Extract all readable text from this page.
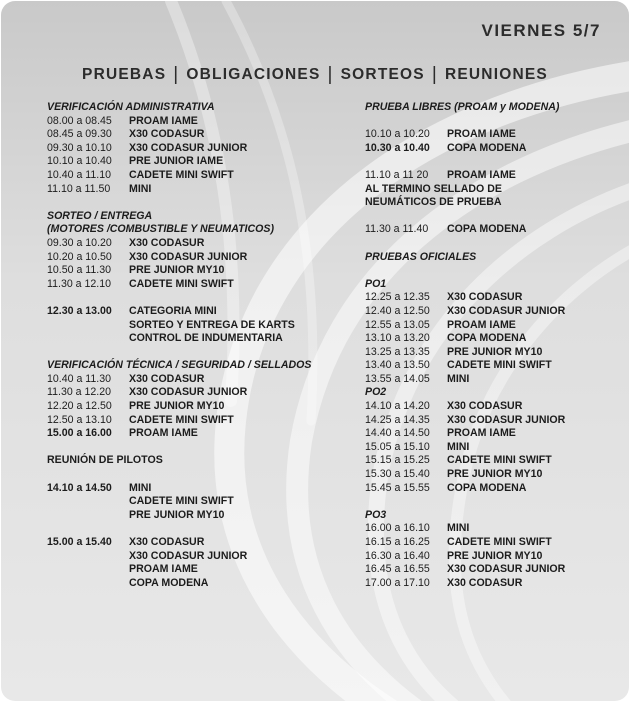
VIERNES 5/7
PRUEBAS | OBLIGACIONES | SORTEOS | REUNIONES
VERIFICACIÓN ADMINISTRATIVA
08.00 a 08.45 PROAM IAME
08.45 a 09.30 X30 CODASUR
09.30 a 10.10 X30 CODASUR JUNIOR
10.10 a 10.40 PRE JUNIOR IAME
10.40 a 11.10 CADETE MINI SWIFT
11.10 a 11.50 MINI
SORTEO / ENTREGA
(MOTORES /COMBUSTIBLE Y NEUMATICOS)
09.30 a 10.20 X30 CODASUR
10.20 a 10.50 X30 CODASUR JUNIOR
10.50 a 11.30 PRE JUNIOR MY10
11.30 a 12.10 CADETE MINI SWIFT
12.30 a 13.00 CATEGORIA MINI
SORTEO Y ENTREGA DE KARTS
CONTROL DE INDUMENTARIA
VERIFICACIÓN TÉCNICA / SEGURIDAD / SELLADOS
10.40 a 11.30 X30 CODASUR
11.30 a 12.20 X30 CODASUR JUNIOR
12.20 a 12.50 PRE JUNIOR MY10
12.50 a 13.10 CADETE MINI SWIFT
15.00 a 16.00 PROAM IAME
REUNIÓN DE PILOTOS
14.10 a 14.50 MINI
CADETE MINI SWIFT
PRE JUNIOR MY10
15.00 a 15.40 X30 CODASUR
X30 CODASUR JUNIOR
PROAM IAME
COPA MODENA
PRUEBA LIBRES (PROAM y MODENA)
10.10 a 10.20 PROAM IAME
10.30 a 10.40 COPA MODENA
11.10 a 11 20 PROAM IAME
AL TERMINO SELLADO DE
NEUMÁTICOS DE PRUEBA
11.30 a 11.40 COPA MODENA
PRUEBAS OFICIALES
PO1
12.25 a 12.35 X30 CODASUR
12.40 a 12.50 X30 CODASUR JUNIOR
12.55 a 13.05 PROAM IAME
13.10 a 13.20 COPA MODENA
13.25 a 13.35 PRE JUNIOR MY10
13.40 a 13.50 CADETE MINI SWIFT
13.55 a 14.05 MINI
PO2
14.10 a 14.20 X30 CODASUR
14.25 a 14.35 X30 CODASUR JUNIOR
14.40 a 14.50 PROAM IAME
15.05 a 15.10 MINI
15.15 a 15.25 CADETE MINI SWIFT
15.30 a 15.40 PRE JUNIOR MY10
15.45 a 15.55 COPA MODENA
PO3
16.00 a 16.10 MINI
16.15 a 16.25 CADETE MINI SWIFT
16.30 a 16.40 PRE JUNIOR MY10
16.45 a 16.55 X30 CODASUR JUNIOR
17.00 a 17.10 X30 CODASUR
